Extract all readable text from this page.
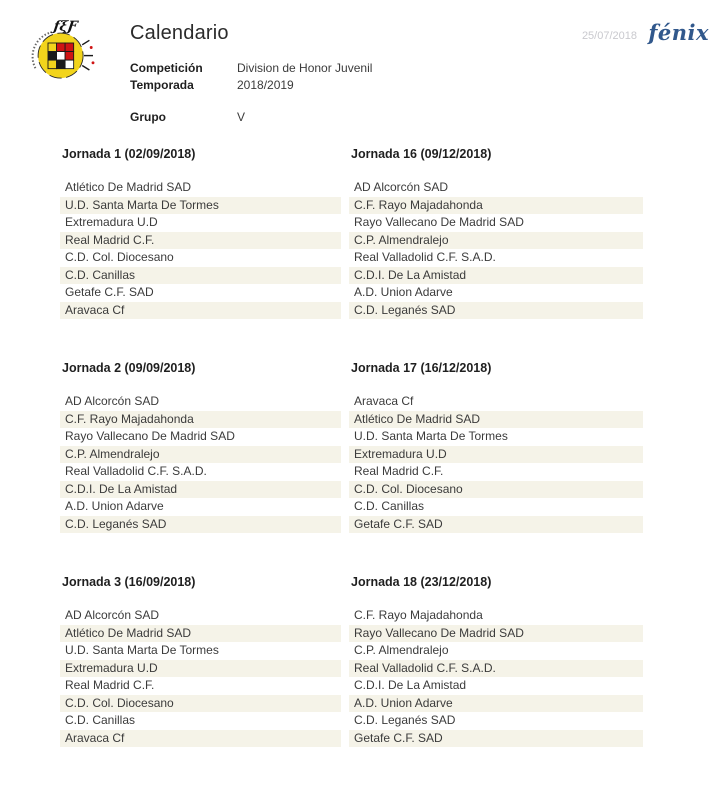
ƒξƑ	Calendario	25/07/2018 fénix
Competición	Division de Honor Juvenil
Temporada	2018/2019
Grupo	V
Jornada 1 (02/09/2018)
Atlético De Madrid SAD
U.D. Santa Marta De Tormes
Extremadura U.D
Real Madrid C.F.
C.D. Col. Diocesano
C.D. Canillas
Getafe C.F. SAD
Aravaca Cf
Jornada 16 (09/12/2018)
AD Alcorcón SAD
C.F. Rayo Majadahonda
Rayo Vallecano De Madrid SAD
C.P. Almendralejo
Real Valladolid C.F. S.A.D.
C.D.I. De La Amistad
A.D. Union Adarve
C.D. Leganés SAD
Jornada 2 (09/09/2018)
AD Alcorcón SAD
C.F. Rayo Majadahonda
Rayo Vallecano De Madrid SAD
C.P. Almendralejo
Real Valladolid C.F. S.A.D.
C.D.I. De La Amistad
A.D. Union Adarve
C.D. Leganés SAD
Jornada 17 (16/12/2018)
Aravaca Cf
Atlético De Madrid SAD
U.D. Santa Marta De Tormes
Extremadura U.D
Real Madrid C.F.
C.D. Col. Diocesano
C.D. Canillas
Getafe C.F. SAD
Jornada 3 (16/09/2018)
AD Alcorcón SAD
Atlético De Madrid SAD
U.D. Santa Marta De Tormes
Extremadura U.D
Real Madrid C.F.
C.D. Col. Diocesano
C.D. Canillas
Aravaca Cf
Jornada 18 (23/12/2018)
C.F. Rayo Majadahonda
Rayo Vallecano De Madrid SAD
C.P. Almendralejo
Real Valladolid C.F. S.A.D.
C.D.I. De La Amistad
A.D. Union Adarve
C.D. Leganés SAD
Getafe C.F. SAD
